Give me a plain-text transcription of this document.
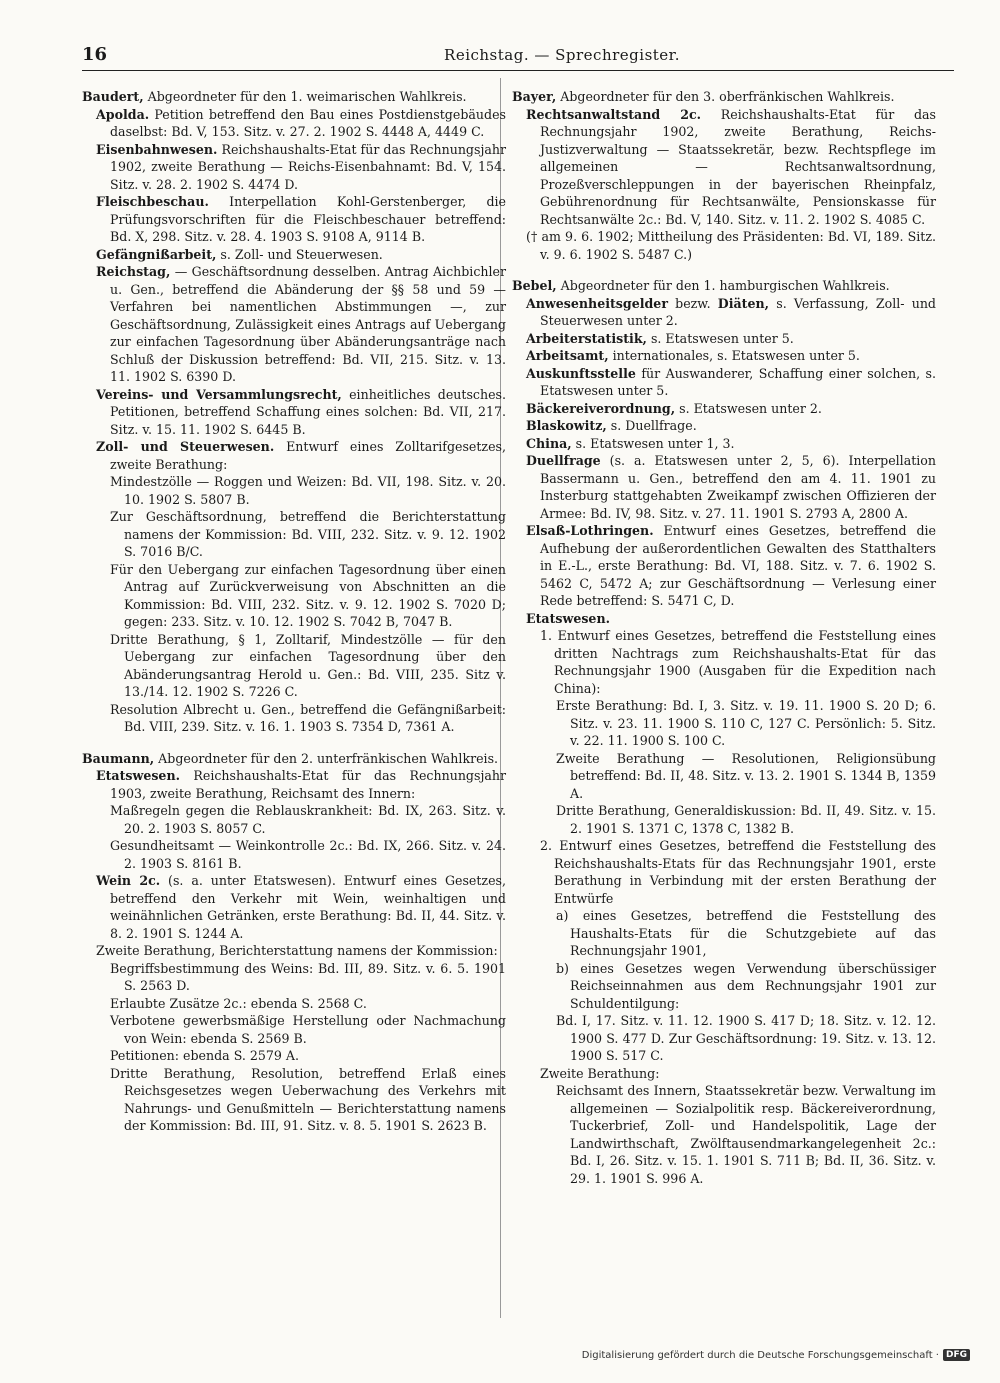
16	Reichstag. — Sprechregister.

Baudert, Abgeordneter für den 1. weimarischen Wahlkreis.

Apolda. Petition betreffend den Bau eines Postdienstgebäudes daselbst: Bd. V, 153. Sitz. v. 27. 2. 1902 S. 4448 A, 4449 C.

Eisenbahnwesen. Reichshaushalts-Etat für das Rechnungsjahr 1902, zweite Berathung — Reichs-Eisenbahnamt: Bd. V, 154. Sitz. v. 28. 2. 1902 S. 4474 D.

Fleischbeschau. Interpellation Kohl-Gerstenberger, die Prüfungsvorschriften für die Fleischbeschauer betreffend: Bd. X, 298. Sitz. v. 28. 4. 1903 S. 9108 A, 9114 B.

Gefängnißarbeit, s. Zoll- und Steuerwesen.

Reichstag, — Geschäftsordnung desselben. Antrag Aichbichler u. Gen., betreffend die Abänderung der §§ 58 und 59 — Verfahren bei namentlichen Abstimmungen —, zur Geschäftsordnung, Zulässigkeit eines Antrags auf Uebergang zur einfachen Tagesordnung über Abänderungsanträge nach Schluß der Diskussion betreffend: Bd. VII, 215. Sitz. v. 13. 11. 1902 S. 6390 D.

Vereins- und Versammlungsrecht, einheitliches deutsches. Petitionen, betreffend Schaffung eines solchen: Bd. VII, 217. Sitz. v. 15. 11. 1902 S. 6445 B.

Zoll- und Steuerwesen. Entwurf eines Zolltarifgesetzes, zweite Berathung:

Mindestzölle — Roggen und Weizen: Bd. VII, 198. Sitz. v. 20. 10. 1902 S. 5807 B.

Zur Geschäftsordnung, betreffend die Berichterstattung namens der Kommission: Bd. VIII, 232. Sitz. v. 9. 12. 1902 S. 7016 B/C.

Für den Uebergang zur einfachen Tagesordnung über einen Antrag auf Zurückverweisung von Abschnitten an die Kommission: Bd. VIII, 232. Sitz. v. 9. 12. 1902 S. 7020 D; gegen: 233. Sitz. v. 10. 12. 1902 S. 7042 B, 7047 B.

Dritte Berathung, § 1, Zolltarif, Mindestzölle — für den Uebergang zur einfachen Tagesordnung über den Abänderungsantrag Herold u. Gen.: Bd. VIII, 235. Sitz v. 13./14. 12. 1902 S. 7226 C.

Resolution Albrecht u. Gen., betreffend die Gefängnißarbeit: Bd. VIII, 239. Sitz. v. 16. 1. 1903 S. 7354 D, 7361 A.

Baumann, Abgeordneter für den 2. unterfränkischen Wahlkreis.

Etatswesen. Reichshaushalts-Etat für das Rechnungsjahr 1903, zweite Berathung, Reichsamt des Innern:

Maßregeln gegen die Reblauskrankheit: Bd. IX, 263. Sitz. v. 20. 2. 1903 S. 8057 C.

Gesundheitsamt — Weinkontrolle 2c.: Bd. IX, 266. Sitz. v. 24. 2. 1903 S. 8161 B.

Wein 2c. (s. a. unter Etatswesen). Entwurf eines Gesetzes, betreffend den Verkehr mit Wein, weinhaltigen und weinähnlichen Getränken, erste Berathung: Bd. II, 44. Sitz. v. 8. 2. 1901 S. 1244 A.

Zweite Berathung, Berichterstattung namens der Kommission:

Begriffsbestimmung des Weins: Bd. III, 89. Sitz. v. 6. 5. 1901 S. 2563 D.

Erlaubte Zusätze 2c.: ebenda S. 2568 C.

Verbotene gewerbsmäßige Herstellung oder Nachmachung von Wein: ebenda S. 2569 B.

Petitionen: ebenda S. 2579 A.

Dritte Berathung, Resolution, betreffend Erlaß eines Reichsgesetzes wegen Ueberwachung des Verkehrs mit Nahrungs- und Genußmitteln — Berichterstattung namens der Kommission: Bd. III, 91. Sitz. v. 8. 5. 1901 S. 2623 B.

Bayer, Abgeordneter für den 3. oberfränkischen Wahlkreis.

Rechtsanwaltstand 2c. Reichshaushalts-Etat für das Rechnungsjahr 1902, zweite Berathung, Reichs-Justizverwaltung — Staatssekretär, bezw. Rechtspflege im allgemeinen — Rechtsanwaltsordnung, Prozeßverschleppungen in der bayerischen Rheinpfalz, Gebührenordnung für Rechtsanwälte, Pensionskasse für Rechtsanwälte 2c.: Bd. V, 140. Sitz. v. 11. 2. 1902 S. 4085 C.

(† am 9. 6. 1902; Mittheilung des Präsidenten: Bd. VI, 189. Sitz. v. 9. 6. 1902 S. 5487 C.)

Bebel, Abgeordneter für den 1. hamburgischen Wahlkreis.

Anwesenheitsgelder bezw. Diäten, s. Verfassung, Zoll- und Steuerwesen unter 2.

Arbeiterstatistik, s. Etatswesen unter 5.

Arbeitsamt, internationales, s. Etatswesen unter 5.

Auskunftsstelle für Auswanderer, Schaffung einer solchen, s. Etatswesen unter 5.

Bäckereiverordnung, s. Etatswesen unter 2.

Blaskowitz, s. Duellfrage.

China, s. Etatswesen unter 1, 3.

Duellfrage (s. a. Etatswesen unter 2, 5, 6). Interpellation Bassermann u. Gen., betreffend den am 4. 11. 1901 zu Insterburg stattgehabten Zweikampf zwischen Offizieren der Armee: Bd. IV, 98. Sitz. v. 27. 11. 1901 S. 2793 A, 2800 A.

Elsaß-Lothringen. Entwurf eines Gesetzes, betreffend die Aufhebung der außerordentlichen Gewalten des Statthalters in E.-L., erste Berathung: Bd. VI, 188. Sitz. v. 7. 6. 1902 S. 5462 C, 5472 A; zur Geschäftsordnung — Verlesung einer Rede betreffend: S. 5471 C, D.

Etatswesen.

1. Entwurf eines Gesetzes, betreffend die Feststellung eines dritten Nachtrags zum Reichshaushalts-Etat für das Rechnungsjahr 1900 (Ausgaben für die Expedition nach China):

Erste Berathung: Bd. I, 3. Sitz. v. 19. 11. 1900 S. 20 D; 6. Sitz. v. 23. 11. 1900 S. 110 C, 127 C. Persönlich: 5. Sitz. v. 22. 11. 1900 S. 100 C.

Zweite Berathung — Resolutionen, Religionsübung betreffend: Bd. II, 48. Sitz. v. 13. 2. 1901 S. 1344 B, 1359 A.

Dritte Berathung, Generaldiskussion: Bd. II, 49. Sitz. v. 15. 2. 1901 S. 1371 C, 1378 C, 1382 B.

2. Entwurf eines Gesetzes, betreffend die Feststellung des Reichshaushalts-Etats für das Rechnungsjahr 1901, erste Berathung in Verbindung mit der ersten Berathung der Entwürfe

a) eines Gesetzes, betreffend die Feststellung des Haushalts-Etats für die Schutzgebiete auf das Rechnungsjahr 1901,

b) eines Gesetzes wegen Verwendung überschüssiger Reichseinnahmen aus dem Rechnungsjahr 1901 zur Schuldentilgung:

Bd. I, 17. Sitz. v. 11. 12. 1900 S. 417 D; 18. Sitz. v. 12. 12. 1900 S. 477 D. Zur Geschäftsordnung: 19. Sitz. v. 13. 12. 1900 S. 517 C.

Zweite Berathung:

Reichsamt des Innern, Staatssekretär bezw. Verwaltung im allgemeinen — Sozialpolitik resp. Bäckereiverordnung, Tuckerbrief, Zoll- und Handelspolitik, Lage der Landwirthschaft, Zwölftausendmarkangelegenheit 2c.: Bd. I, 26. Sitz. v. 15. 1. 1901 S. 711 B; Bd. II, 36. Sitz. v. 29. 1. 1901 S. 996 A.

Digitalisierung gefördert durch die Deutsche Forschungsgemeinschaft · DFG
